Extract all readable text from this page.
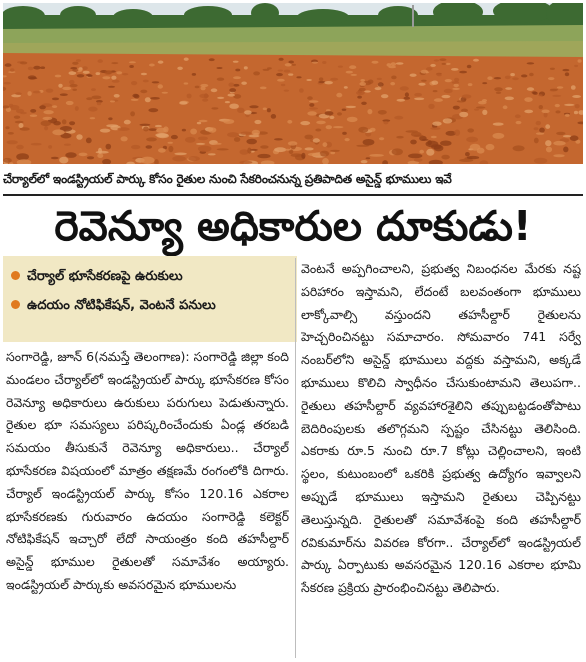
చేర్యాల్‌లో ఇండస్ట్రియల్ పార్కు కోసం రైతుల నుంచి సేకరించనున్న ప్రతిపాదిత అసైన్డ్ భూములు ఇవే
రెవెన్యూ అధికారుల దూకుడు!
చేర్యాల్ భూసేకరణపై ఉరుకులు
ఉదయం నోటిఫికేషన్, వెంటనే పనులు

సంగారెడ్డి, జూన్ 6(నమస్తే తెలంగాణ): సంగారెడ్డి జిల్లా కంది మండలం చేర్యాల్‌లో ఇండస్ట్రియల్ పార్కు భూసేకరణ కోసం రెవెన్యూ అధికారులు ఉరుకులు పరుగులు పెడుతున్నారు. రైతుల భూ సమస్యలు పరిష్కరించేందుకు ఏండ్ల తరబడి సమయం తీసుకునే రెవెన్యూ అధికారులు.. చేర్యాల్ భూసేకరణ విషయంలో మాత్రం తక్షణమే రంగంలోకి దిగారు. చేర్యాల్ ఇండస్ట్రియల్ పార్కు కోసం 120.16 ఎకరాల భూసేకరణకు గురువారం ఉదయం సంగారెడ్డి కలెక్టర్ నోటిఫికేషన్ ఇచ్చారో లేదో సాయంత్రం కంది తహసీల్దార్ అసైన్డ్ భూముల రైతులతో సమావేశం అయ్యారు. ఇండస్ట్రియల్ పార్కుకు అవసరమైన భూములను

వెంటనే అప్పగించాలని, ప్రభుత్వ నిబంధనల మేరకు నష్ట పరిహారం ఇస్తామని, లేదంటే బలవంతంగా భూములు లాక్కోవాల్సి వస్తుందని తహసీల్దార్ రైతులను హెచ్చరించినట్టు సమాచారం. సోమవారం 741 సర్వే నంబర్‌లోని అసైన్డ్ భూములు వద్దకు వస్తామని, అక్కడే భూములు కొలిచి స్వాధీనం చేసుకుంటామని తెలుపగా.. రైతులు తహసీల్దార్ వ్యవహారశైలిని తప్పుబట్టడంతోపాటు బెదిరింపులకు తలొగ్గమని స్పష్టం చేసినట్టు తెలిసింది. ఎకరాకు రూ.5 నుంచి రూ.7 కోట్లు చెల్లించాలని, ఇంటి స్థలం, కుటుంబంలో ఒకరికి ప్రభుత్వ ఉద్యోగం ఇవ్వాలని అప్పుడే భూములు ఇస్తామని రైతులు చెప్పినట్టు తెలుస్తున్నది. రైతులతో సమావేశంపై కంది తహసీల్దార్ రవికుమార్‌ను వివరణ కోరగా.. చేర్యాల్‌లో ఇండస్ట్రియల్ పార్కు ఏర్పాటుకు అవసరమైన 120.16 ఎకరాల భూమి సేకరణ ప్రక్రియ ప్రారంభించినట్టు తెలిపారు.
